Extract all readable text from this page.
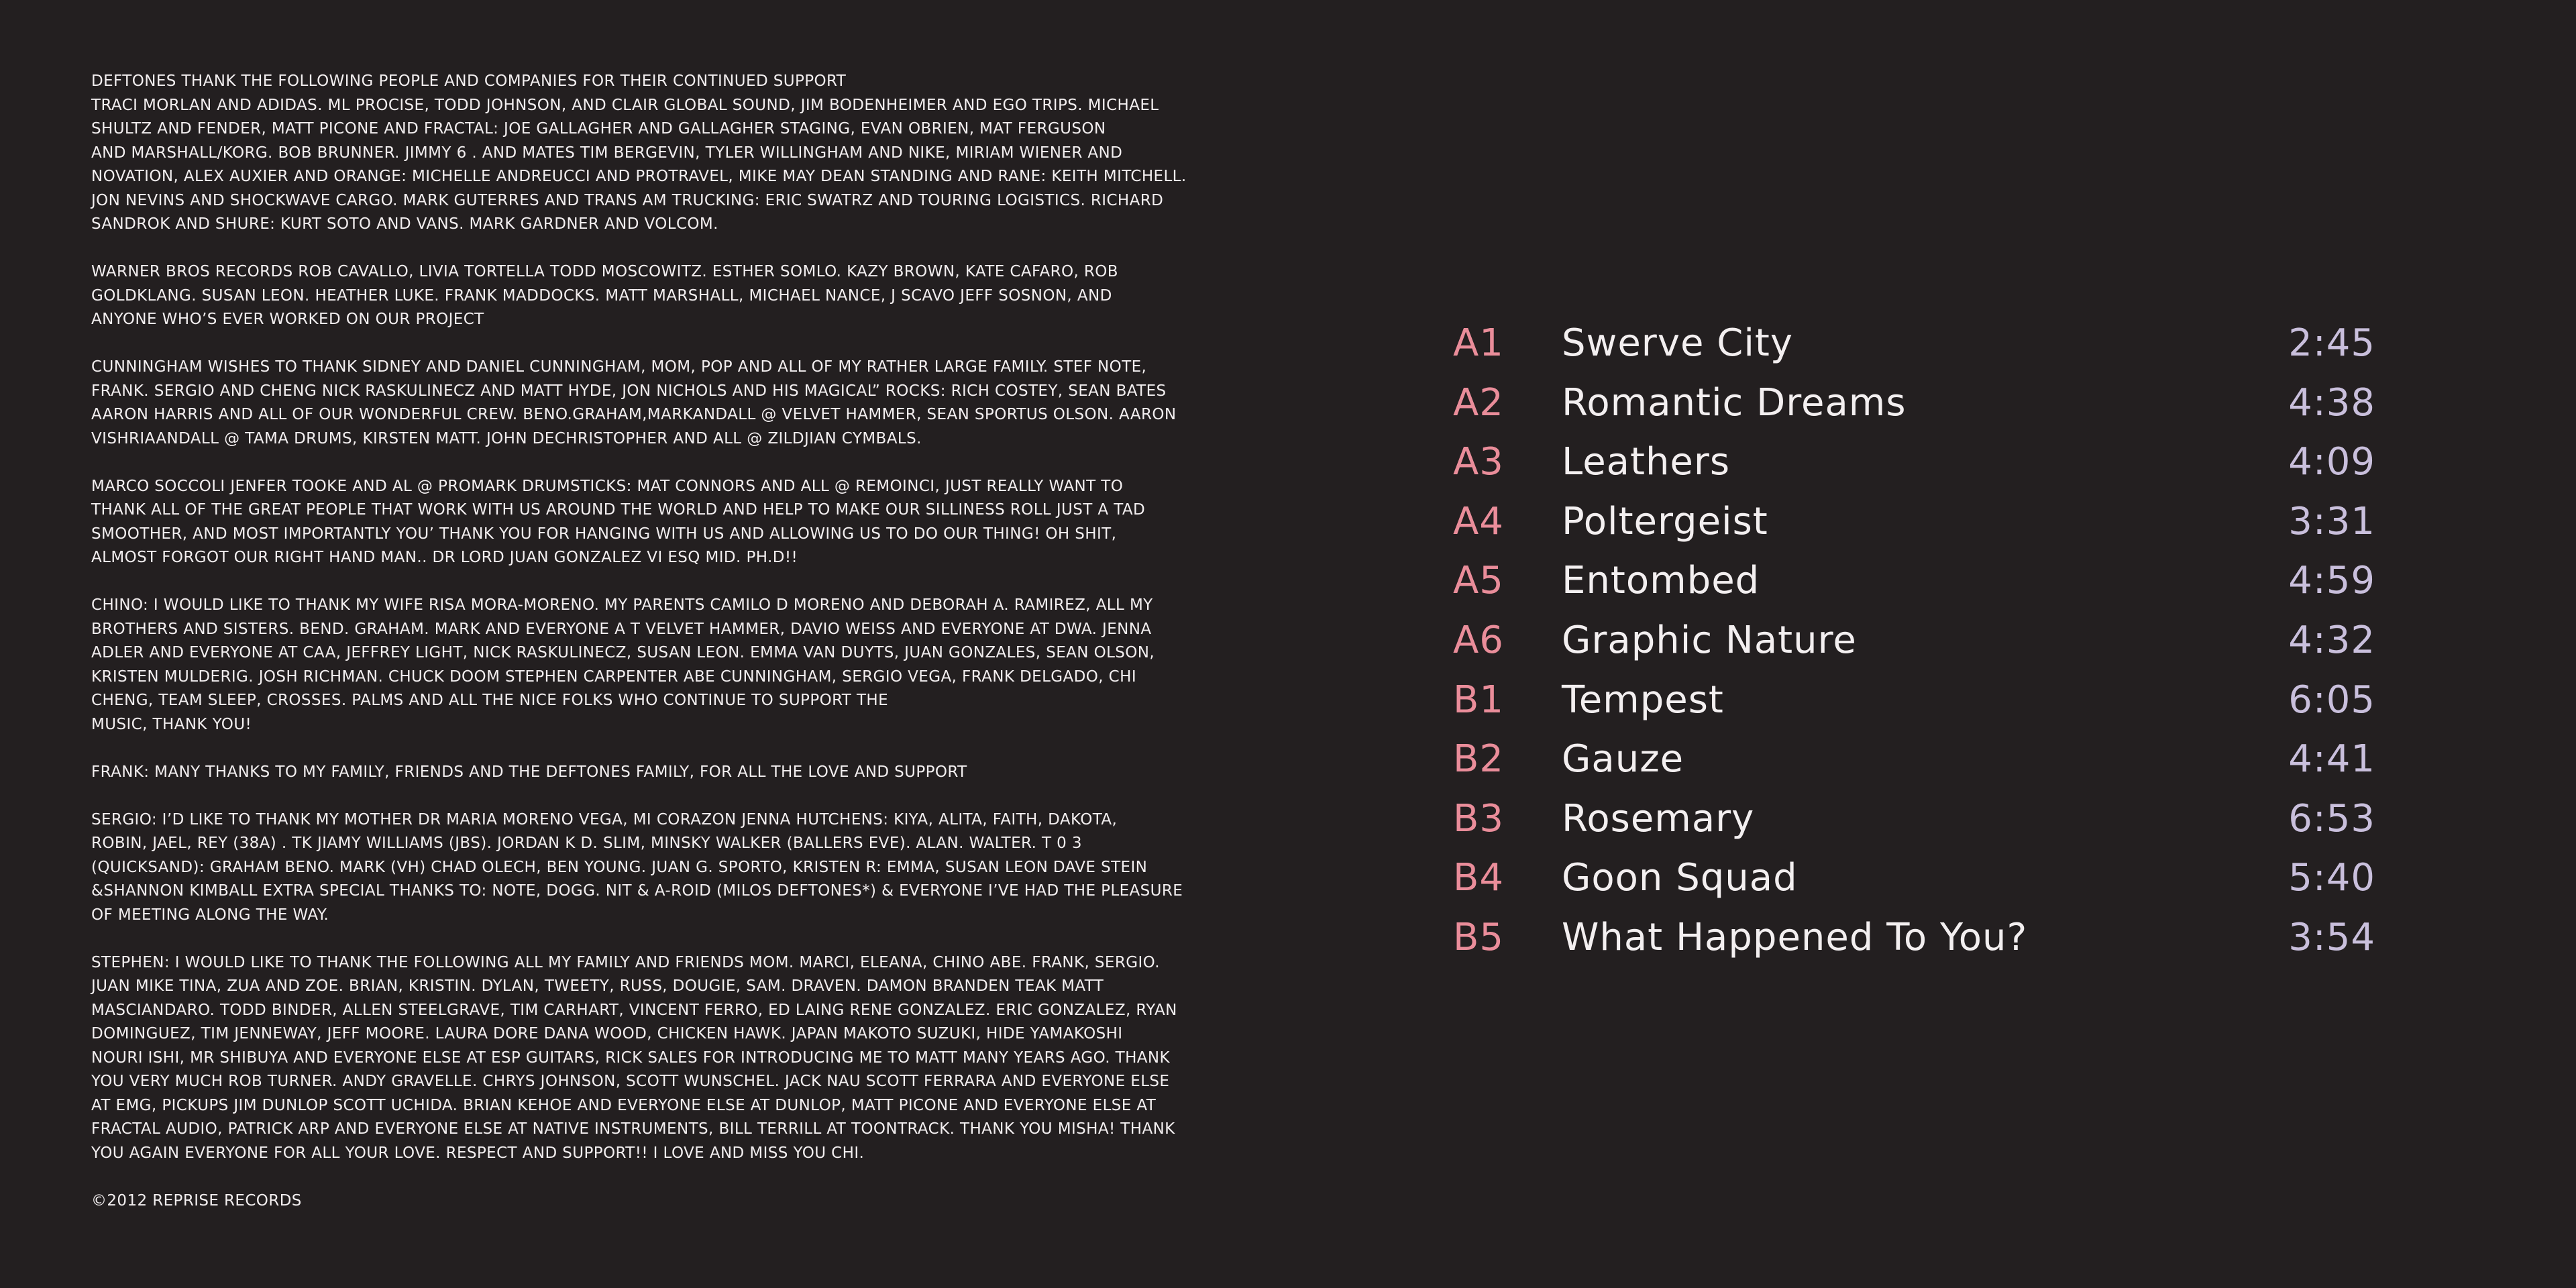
DEFTONES THANK THE FOLLOWING PEOPLE AND COMPANIES FOR THEIR CONTINUED SUPPORT
TRACI MORLAN AND ADIDAS. ML PROCISE, TODD JOHNSON, AND CLAIR GLOBAL SOUND, JIM BODENHEIMER AND EGO TRIPS. MICHAEL
SHULTZ AND FENDER, MATT PICONE AND FRACTAL: JOE GALLAGHER AND GALLAGHER STAGING, EVAN OBRIEN, MAT FERGUSON
AND MARSHALL/KORG. BOB BRUNNER. JIMMY 6 . AND MATES TIM BERGEVIN, TYLER WILLINGHAM AND NIKE, MIRIAM WIENER AND
NOVATION, ALEX AUXIER AND ORANGE: MICHELLE ANDREUCCI AND PROTRAVEL, MIKE MAY DEAN STANDING AND RANE: KEITH MITCHELL.
JON NEVINS AND SHOCKWAVE CARGO. MARK GUTERRES AND TRANS AM TRUCKING: ERIC SWATRZ AND TOURING LOGISTICS. RICHARD
SANDROK AND SHURE: KURT SOTO AND VANS. MARK GARDNER AND VOLCOM.

WARNER BROS RECORDS ROB CAVALLO, LIVIA TORTELLA TODD MOSCOWITZ. ESTHER SOMLO. KAZY BROWN, KATE CAFARO, ROB
GOLDKLANG. SUSAN LEON. HEATHER LUKE. FRANK MADDOCKS. MATT MARSHALL, MICHAEL NANCE, J SCAVO JEFF SOSNON, AND
ANYONE WHO’S EVER WORKED ON OUR PROJECT

CUNNINGHAM WISHES TO THANK SIDNEY AND DANIEL CUNNINGHAM, MOM, POP AND ALL OF MY RATHER LARGE FAMILY. STEF NOTE,
FRANK. SERGIO AND CHENG NICK RASKULINECZ AND MATT HYDE, JON NICHOLS AND HIS MAGICAL” ROCKS: RICH COSTEY, SEAN BATES
AARON HARRIS AND ALL OF OUR WONDERFUL CREW. BENO.GRAHAM,MARKANDALL @ VELVET HAMMER, SEAN SPORTUS OLSON. AARON
VISHRIAANDALL @ TAMA DRUMS, KIRSTEN MATT. JOHN DECHRISTOPHER AND ALL @ ZILDJIAN CYMBALS.

MARCO SOCCOLI JENFER TOOKE AND AL @ PROMARK DRUMSTICKS: MAT CONNORS AND ALL @ REMOINCI, JUST REALLY WANT TO
THANK ALL OF THE GREAT PEOPLE THAT WORK WITH US AROUND THE WORLD AND HELP TO MAKE OUR SILLINESS ROLL JUST A TAD
SMOOTHER, AND MOST IMPORTANTLY YOU’ THANK YOU FOR HANGING WITH US AND ALLOWING US TO DO OUR THING! OH SHIT,
ALMOST FORGOT OUR RIGHT HAND MAN.. DR LORD JUAN GONZALEZ VI ESQ MID. PH.D!!

CHINO: I WOULD LIKE TO THANK MY WIFE RISA MORA-MORENO. MY PARENTS CAMILO D MORENO AND DEBORAH A. RAMIREZ, ALL MY
BROTHERS AND SISTERS. BEND. GRAHAM. MARK AND EVERYONE A T VELVET HAMMER, DAVIO WEISS AND EVERYONE AT DWA. JENNA
ADLER AND EVERYONE AT CAA, JEFFREY LIGHT, NICK RASKULINECZ, SUSAN LEON. EMMA VAN DUYTS, JUAN GONZALES, SEAN OLSON,
KRISTEN MULDERIG. JOSH RICHMAN. CHUCK DOOM STEPHEN CARPENTER ABE CUNNINGHAM, SERGIO VEGA, FRANK DELGADO, CHI
CHENG, TEAM SLEEP, CROSSES. PALMS AND ALL THE NICE FOLKS WHO CONTINUE TO SUPPORT THE
MUSIC, THANK YOU!

FRANK: MANY THANKS TO MY FAMILY, FRIENDS AND THE DEFTONES FAMILY, FOR ALL THE LOVE AND SUPPORT

SERGIO: I’D LIKE TO THANK MY MOTHER DR MARIA MORENO VEGA, MI CORAZON JENNA HUTCHENS: KIYA, ALITA, FAITH, DAKOTA,
ROBIN, JAEL, REY (38A) . TK JIAMY WILLIAMS (JBS). JORDAN K D. SLIM, MINSKY WALKER (BALLERS EVE). ALAN. WALTER. T 0 3
(QUICKSAND): GRAHAM BENO. MARK (VH) CHAD OLECH, BEN YOUNG. JUAN G. SPORTO, KRISTEN R: EMMA, SUSAN LEON DAVE STEIN
&SHANNON KIMBALL EXTRA SPECIAL THANKS TO: NOTE, DOGG. NIT & A-ROID (MILOS DEFTONES*) & EVERYONE I’VE HAD THE PLEASURE
OF MEETING ALONG THE WAY.

STEPHEN: I WOULD LIKE TO THANK THE FOLLOWING ALL MY FAMILY AND FRIENDS MOM. MARCI, ELEANA, CHINO ABE. FRANK, SERGIO.
JUAN MIKE TINA, ZUA AND ZOE. BRIAN, KRISTIN. DYLAN, TWEETY, RUSS, DOUGIE, SAM. DRAVEN. DAMON BRANDEN TEAK MATT
MASCIANDARO. TODD BINDER, ALLEN STEELGRAVE, TIM CARHART, VINCENT FERRO, ED LAING RENE GONZALEZ. ERIC GONZALEZ, RYAN
DOMINGUEZ, TIM JENNEWAY, JEFF MOORE. LAURA DORE DANA WOOD, CHICKEN HAWK. JAPAN MAKOTO SUZUKI, HIDE YAMAKOSHI
NOURI ISHI, MR SHIBUYA AND EVERYONE ELSE AT ESP GUITARS, RICK SALES FOR INTRODUCING ME TO MATT MANY YEARS AGO. THANK
YOU VERY MUCH ROB TURNER. ANDY GRAVELLE. CHRYS JOHNSON, SCOTT WUNSCHEL. JACK NAU SCOTT FERRARA AND EVERYONE ELSE
AT EMG, PICKUPS JIM DUNLOP SCOTT UCHIDA. BRIAN KEHOE AND EVERYONE ELSE AT DUNLOP, MATT PICONE AND EVERYONE ELSE AT
FRACTAL AUDIO, PATRICK ARP AND EVERYONE ELSE AT NATIVE INSTRUMENTS, BILL TERRILL AT TOONTRACK. THANK YOU MISHA! THANK
YOU AGAIN EVERYONE FOR ALL YOUR LOVE. RESPECT AND SUPPORT!! I LOVE AND MISS YOU CHI.

©2012 REPRISE RECORDS

A1 Swerve City	2:45
A2 Romantic Dreams	4:38
A3 Leathers	4:09
A4 Poltergeist	3:31
A5 Entombed	4:59
A6 Graphic Nature	4:32
B1 Tempest	6:05
B2 Gauze	4:41
B3 Rosemary	6:53
B4 Goon Squad	5:40
B5 What Happened To You?	3:54
